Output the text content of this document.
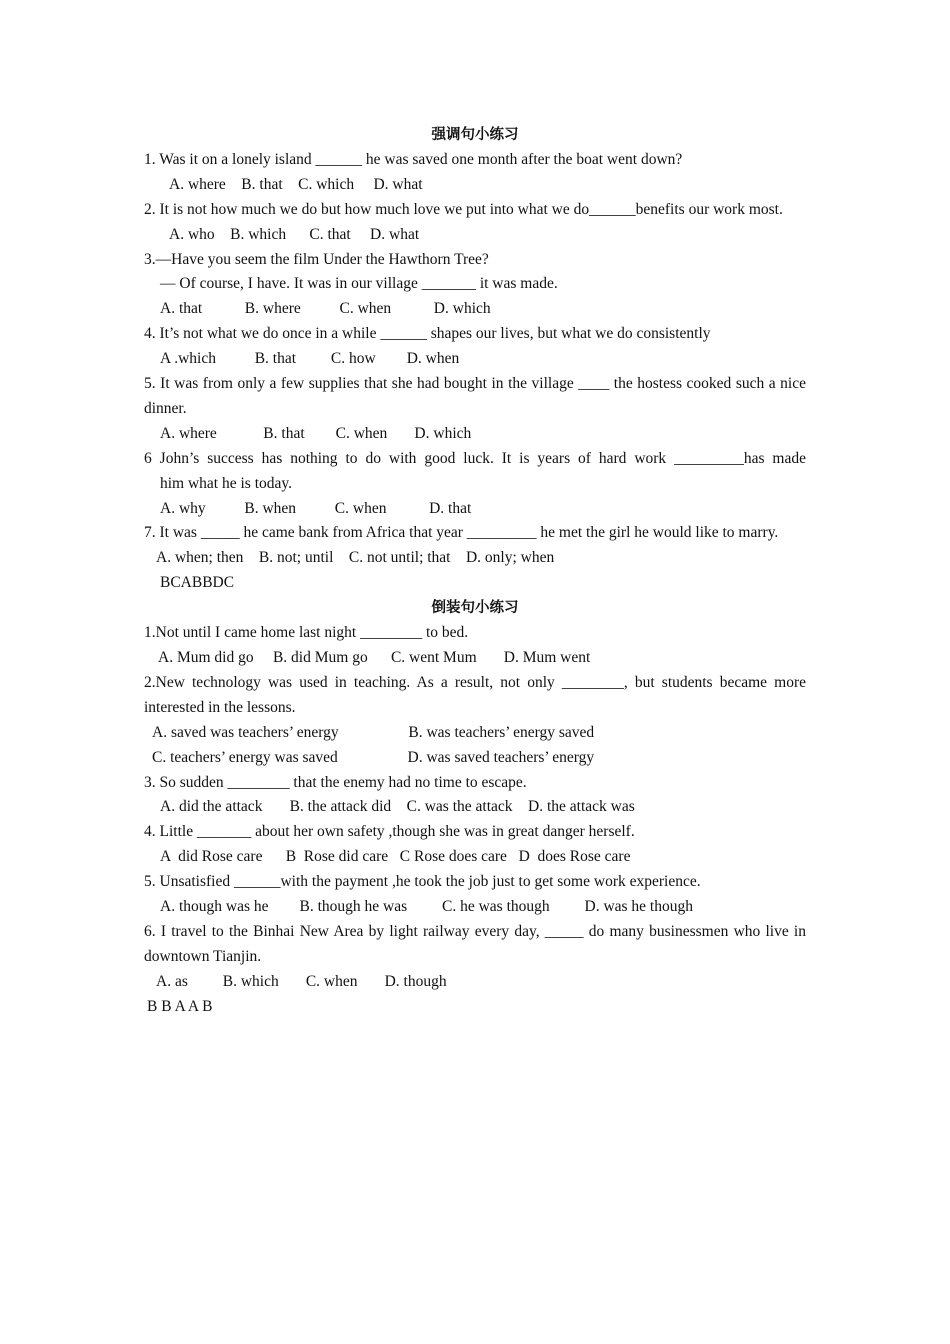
强调句小练习
1. Was it on a lonely island ______ he was saved one month after the boat went down?
A. where    B. that    C. which     D. what
2. It is not how much we do but how much love we put into what we do______benefits our work most.
A. who    B. which      C. that     D. what
3.—Have you seem the film Under the Hawthorn Tree?
— Of course, I have. It was in our village _______ it was made.
A. that           B. where          C. when           D. which
4. It’s not what we do once in a while ______ shapes our lives, but what we do consistently
A .which          B. that         C. how        D. when
5. It was from only a few supplies that she had bought in the village ____ the hostess cooked such a nice dinner.
A. where            B. that        C. when       D. which
6 John’s success has nothing to do with good luck. It is years of hard work _________has made
him what he is today.
A. why          B. when          C. when           D. that
7. It was _____ he came bank from Africa that year _________ he met the girl he would like to marry.
A. when; then    B. not; until    C. not until; that    D. only; when
BCABBDC
倒装句小练习
1.Not until I came home last night ________ to bed.
A. Mum did go     B. did Mum go      C. went Mum       D. Mum went
2.New technology was used in teaching. As a result, not only ________, but students became more interested in the lessons.
A. saved was teachers’ energy                  B. was teachers’ energy saved
C. teachers’ energy was saved                  D. was saved teachers’ energy
3. So sudden ________ that the enemy had no time to escape.
A. did the attack       B. the attack did    C. was the attack    D. the attack was
4. Little _______ about her own safety ,though she was in great danger herself.
A  did Rose care      B  Rose did care   C Rose does care   D  does Rose care
5. Unsatisfied ______with the payment ,he took the job just to get some work experience.
A. though was he        B. though he was         C. he was though         D. was he though
6. I travel to the Binhai New Area by light railway every day, _____ do many businessmen who live in downtown Tianjin.
A. as         B. which       C. when       D. though
B B A A B
